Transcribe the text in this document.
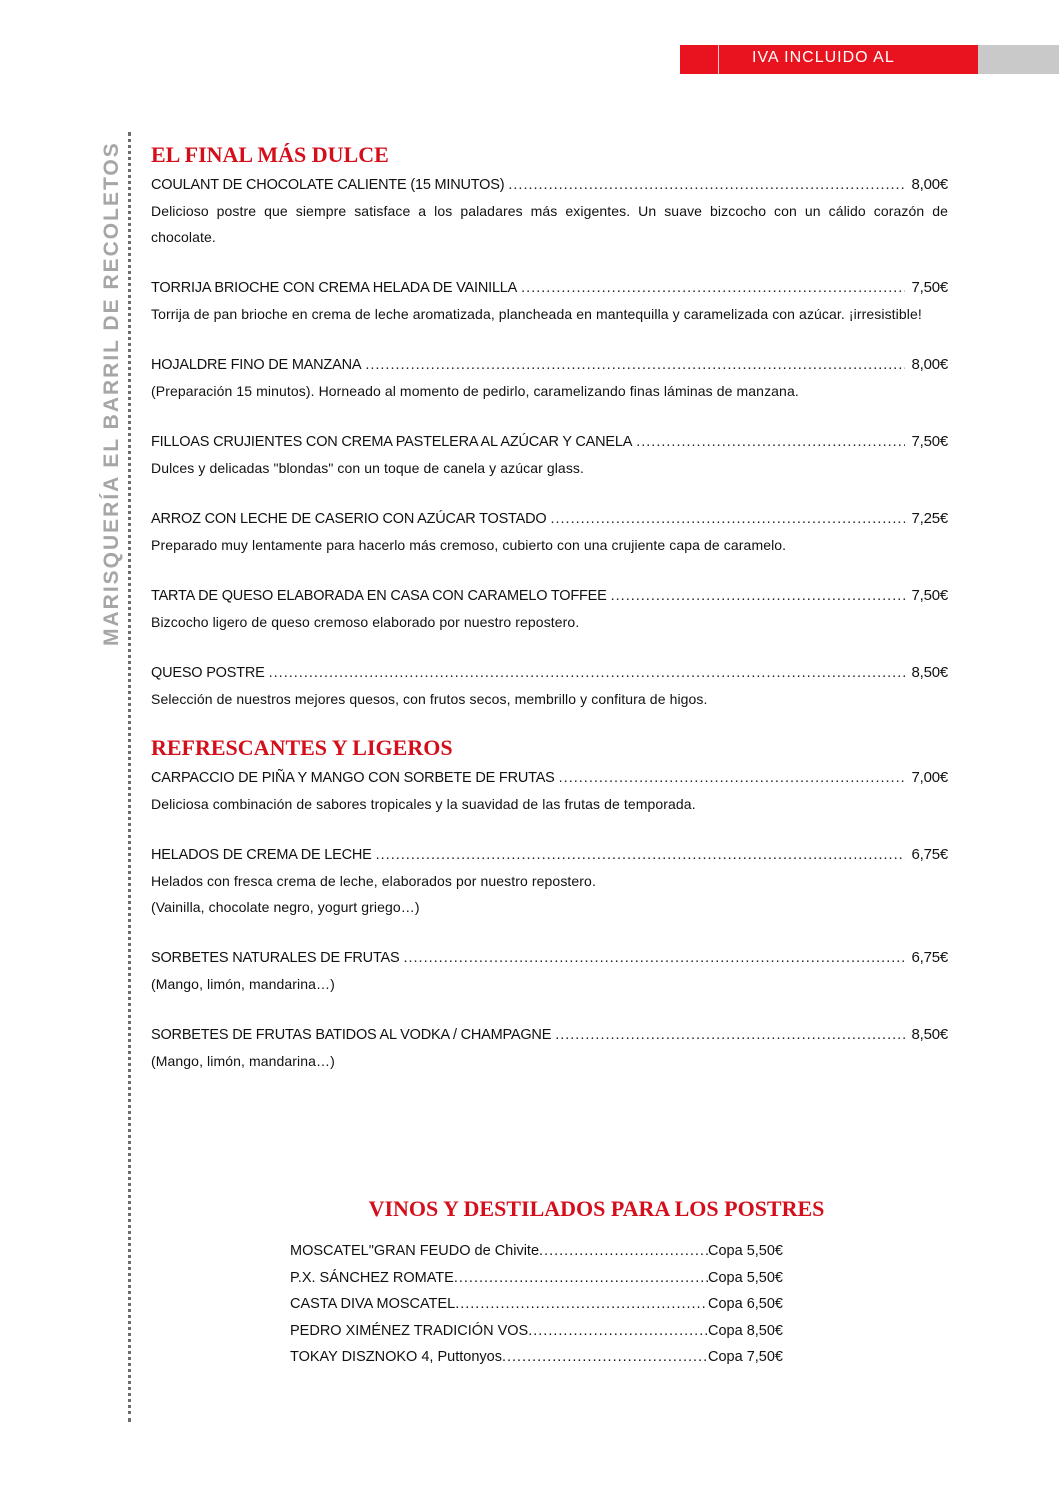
IVA INCLUIDO AL
MARISQUERÍA EL BARRIL DE RECOLETOS EL FINAL MÁS DULCE
COULANT DE CHOCOLATE CALIENTE (15 MINUTOS) .....	8,00€

Delicioso postre que siempre satisface a los paladares más exigentes. Un suave bizcocho con un cálido corazón de chocolate.

TORRIJA BRIOCHE CON CREMA HELADA DE VAINILLA .....	7,50€

Torrija de pan brioche en crema de leche aromatizada, plancheada en mantequilla y caramelizada con azúcar. ¡irresistible!

HOJALDRE FINO DE MANZANA .....	8,00€

(Preparación 15 minutos). Horneado al momento de pedirlo, caramelizando finas láminas de manzana.

FILLOAS CRUJIENTES CON CREMA PASTELERA AL AZÚCAR Y CANELA .....	7,50€

Dulces y delicadas "blondas" con un toque de canela y azúcar glass.

ARROZ CON LECHE DE CASERIO CON AZÚCAR TOSTADO .....	7,25€

Preparado muy lentamente para hacerlo más cremoso, cubierto con una crujiente capa de caramelo.

TARTA DE QUESO ELABORADA EN CASA CON CARAMELO TOFFEE .....	7,50€

Bizcocho ligero de queso cremoso elaborado por nuestro repostero.

QUESO POSTRE .....	8,50€

Selección de nuestros mejores quesos, con frutos secos, membrillo y confitura de higos.

REFRESCANTES Y LIGEROS
CARPACCIO DE PIÑA Y MANGO CON SORBETE DE FRUTAS .....	7,00€

Deliciosa combinación de sabores tropicales y la suavidad de las frutas de temporada.

HELADOS DE CREMA DE LECHE .....	6,75€

Helados con fresca crema de leche, elaborados por nuestro repostero.

(Vainilla, chocolate negro, yogurt griego…)

SORBETES NATURALES DE FRUTAS .....	6,75€

(Mango, limón, mandarina…)

SORBETES DE FRUTAS BATIDOS AL VODKA / CHAMPAGNE .....	8,50€

(Mango, limón, mandarina…)

VINOS Y DESTILADOS PARA LOS POSTRES
MOSCATEL"GRAN FEUDO de Chivite .....	Copa 5,50€
P.X. SÁNCHEZ ROMATE .....	Copa 5,50€
CASTA DIVA MOSCATEL .....	Copa 6,50€
PEDRO XIMÉNEZ TRADICIÓN VOS .....	Copa 8,50€
TOKAY DISZNOKO 4, Puttonyos .....	Copa 7,50€
